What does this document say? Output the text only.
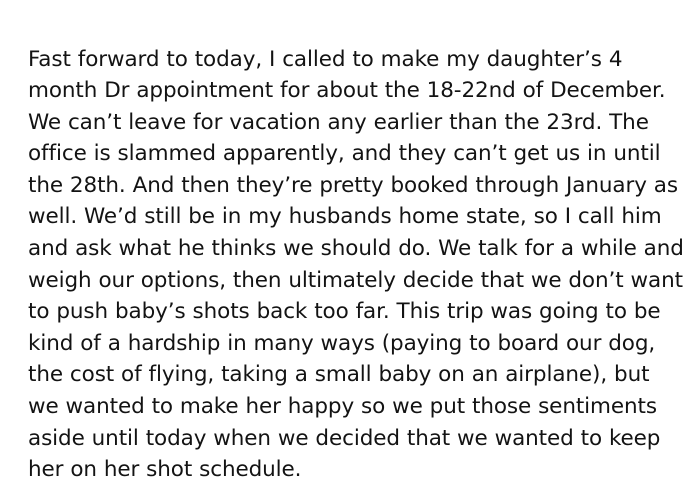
Fast forward to today, I called to make my daughter’s 4 month Dr appointment for about the 18-22nd of December. We can’t leave for vacation any earlier than the 23rd. The office is slammed apparently, and they can’t get us in until the 28th. And then they’re pretty booked through January as well. We’d still be in my husbands home state, so I call him and ask what he thinks we should do. We talk for a while and weigh our options, then ultimately decide that we don’t want to push baby’s shots back too far. This trip was going to be kind of a hardship in many ways (paying to board our dog, the cost of flying, taking a small baby on an airplane), but we wanted to make her happy so we put those sentiments aside until today when we decided that we wanted to keep her on her shot schedule.
